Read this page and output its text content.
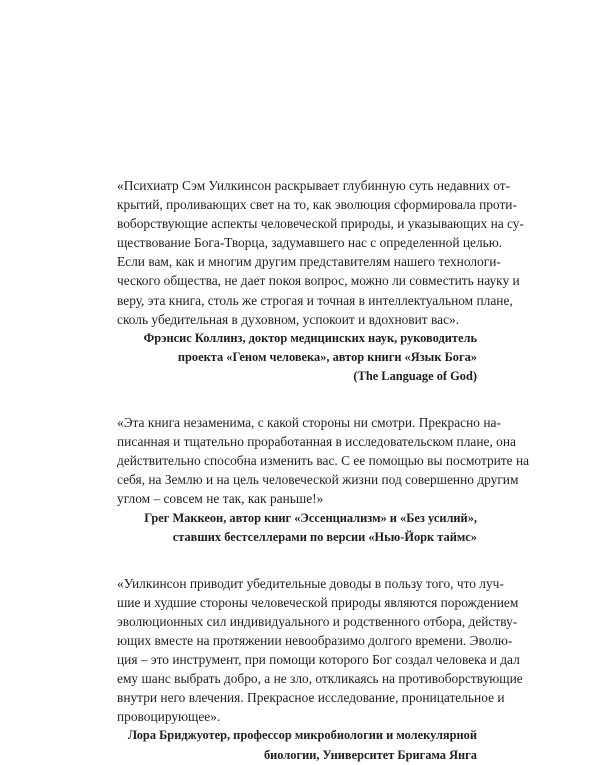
«Психиатр Сэм Уилкинсон раскрывает глубинную суть недавних от-
крытий, проливающих свет на то, как эволюция сформировала проти-
воборствующие аспекты человеческой природы, и указывающих на су-
ществование Бога-Творца, задумавшего нас с определенной целью.
Если вам, как и многим другим представителям нашего технологи-
ческого общества, не дает покоя вопрос, можно ли совместить науку и
веру, эта книга, столь же строгая и точная в интеллектуальном плане,
сколь убедительная в духовном, успокоит и вдохновит вас».
Фрэнсис Коллинз, доктор медицинских наук, руководитель
проекта «Геном человека», автор книги «Язык Бога»
(The Language of God)
«Эта книга незаменима, с какой стороны ни смотри. Прекрасно на-
писанная и тщательно проработанная в исследовательском плане, она
действительно способна изменить вас. С ее помощью вы посмотрите на
себя, на Землю и на цель человеческой жизни под совершенно другим
углом – совсем не так, как раньше!»
Грег Маккеон, автор книг «Эссенциализм» и «Без усилий»,
ставших бестселлерами по версии «Нью-Йорк таймс»
«Уилкинсон приводит убедительные доводы в пользу того, что луч-
шие и худшие стороны человеческой природы являются порождением
эволюционных сил индивидуального и родственного отбора, действу-
ющих вместе на протяжении невообразимо долгого времени. Эволю-
ция – это инструмент, при помощи которого Бог создал человека и дал
ему шанс выбрать добро, а не зло, откликаясь на противоборствующие
внутри него влечения. Прекрасное исследование, проницательное и
провоцирующее».
Лора Бриджуотер, профессор микробиологии и молекулярной
биологии, Университет Бригама Янга
